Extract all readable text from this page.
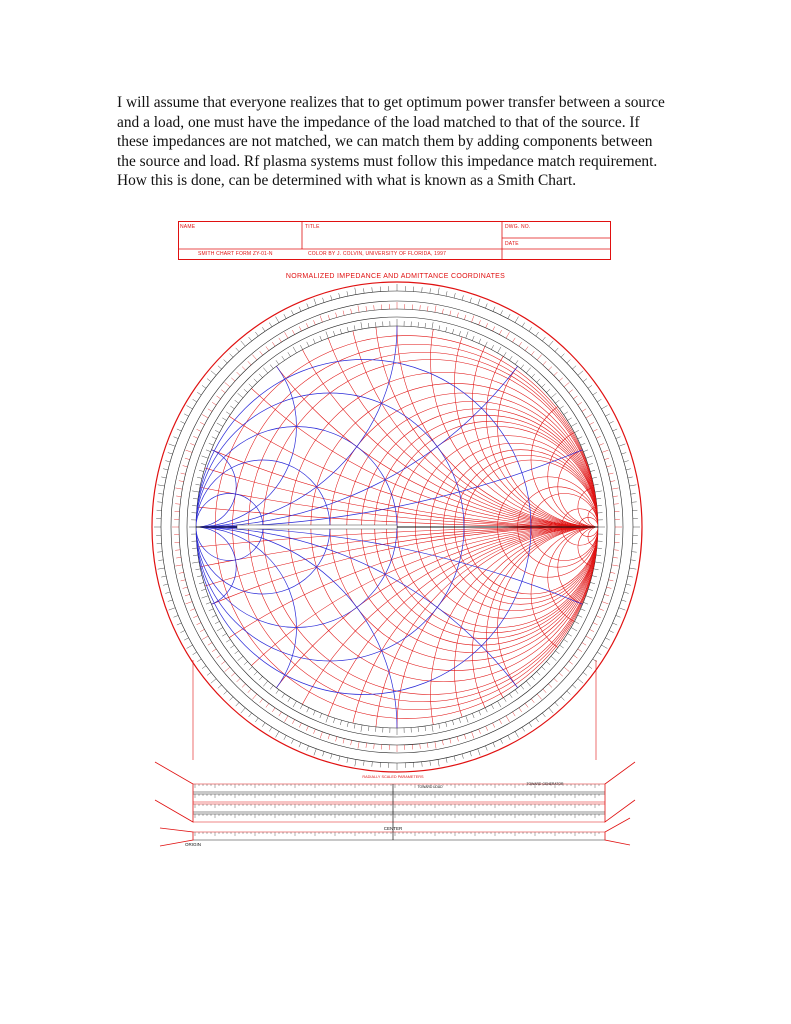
I will assume that everyone realizes that to get optimum power transfer between a source
and a load, one must have the impedance of the load matched to that of the source. If
these impedances are not matched, we can match them by adding components between
the source and load. Rf plasma systems must follow this impedance match requirement.
How this is done, can be determined with what is known as a Smith Chart.
NAME	TITLE	DWG. NO.
DATE
SMITH CHART FORM ZY-01-N	COLOR BY J. COLVIN, UNIVERSITY OF FLORIDA, 1997
NORMALIZED IMPEDANCE AND ADMITTANCE COORDINATES
CENTER
ORIGIN
RADIALLY SCALED PARAMETERS
TOWARD LOAD
TOWARD GENERATOR
